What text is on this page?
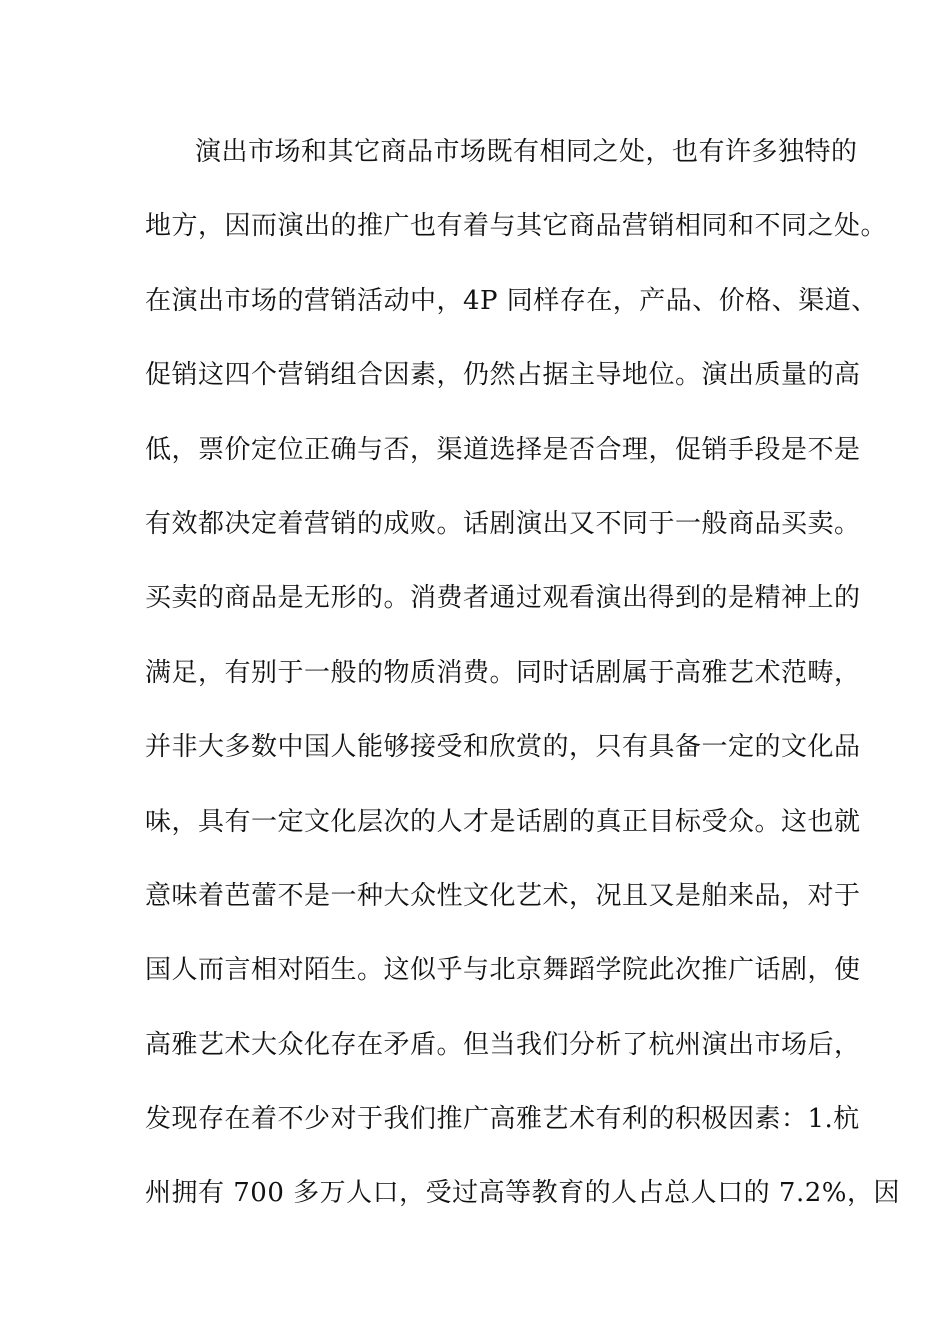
演出市场和其它商品市场既有相同之处，也有许多独特的
地方，因而演出的推广也有着与其它商品营销相同和不同之处。
在演出市场的营销活动中，4P 同样存在，产品、价格、渠道、
促销这四个营销组合因素，仍然占据主导地位。演出质量的高
低，票价定位正确与否，渠道选择是否合理，促销手段是不是
有效都决定着营销的成败。话剧演出又不同于一般商品买卖。
买卖的商品是无形的。消费者通过观看演出得到的是精神上的
满足，有别于一般的物质消费。同时话剧属于高雅艺术范畴，
并非大多数中国人能够接受和欣赏的，只有具备一定的文化品
味，具有一定文化层次的人才是话剧的真正目标受众。这也就
意味着芭蕾不是一种大众性文化艺术，况且又是舶来品，对于
国人而言相对陌生。这似乎与北京舞蹈学院此次推广话剧，使
高雅艺术大众化存在矛盾。但当我们分析了杭州演出市场后，
发现存在着不少对于我们推广高雅艺术有利的积极因素：1.杭
州拥有 700 多万人口，受过高等教育的人占总人口的 7.2%，因
